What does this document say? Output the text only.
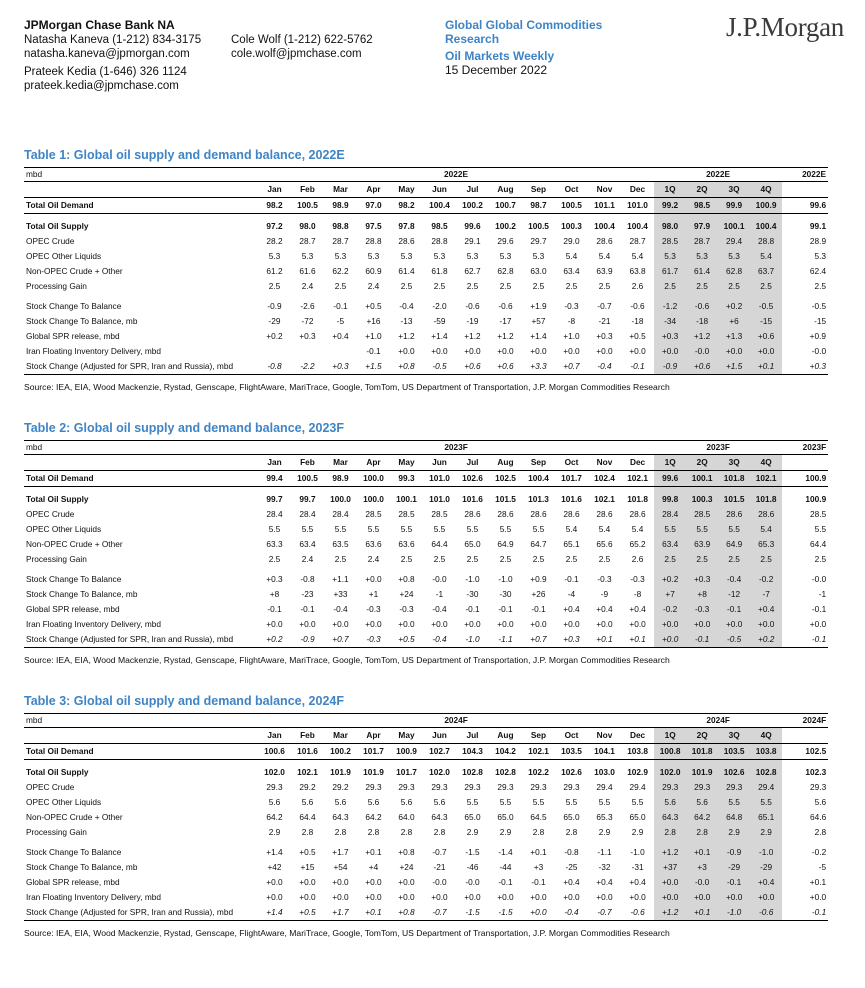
JPMorgan Chase Bank NA
Natasha Kaneva (1-212) 834-3175
natasha.kaneva@jpmorgan.com
Prateek Kedia (1-646) 326 1124
prateek.kedia@jpmchase.com
Cole Wolf (1-212) 622-5762
cole.wolf@jpmchase.com
Global Global Commodities
Research
Oil Markets Weekly
15 December 2022
J.P.Morgan
Table 1: Global oil supply and demand balance, 2022E
mbd	2022E												2022E				2022E
	Jan	Feb	Mar	Apr	May	Jun	Jul	Aug	Sep	Oct	Nov	Dec	1Q	2Q	3Q	4Q	
Total Oil Demand	98.2	100.5	98.9	97.0	98.2	100.4	100.2	100.7	98.7	100.5	101.1	101.0	99.2	98.5	99.9	100.9	99.6

Total Oil Supply	97.2	98.0	98.8	97.5	97.8	98.5	99.6	100.2	100.5	100.3	100.4	100.4	98.0	97.9	100.1	100.4	99.1
OPEC Crude	28.2	28.7	28.7	28.8	28.6	28.8	29.1	29.6	29.7	29.0	28.6	28.7	28.5	28.7	29.4	28.8	28.9
OPEC Other Liquids	5.3	5.3	5.3	5.3	5.3	5.3	5.3	5.3	5.3	5.4	5.4	5.4	5.3	5.3	5.3	5.4	5.3
Non-OPEC Crude + Other	61.2	61.6	62.2	60.9	61.4	61.8	62.7	62.8	63.0	63.4	63.9	63.8	61.7	61.4	62.8	63.7	62.4
Processing Gain	2.5	2.4	2.5	2.4	2.5	2.5	2.5	2.5	2.5	2.5	2.5	2.6	2.5	2.5	2.5	2.5	2.5

Stock Change To Balance	-0.9	-2.6	-0.1	+0.5	-0.4	-2.0	-0.6	-0.6	+1.9	-0.3	-0.7	-0.6	-1.2	-0.6	+0.2	-0.5	-0.5
Stock Change To Balance, mb	-29	-72	-5	+16	-13	-59	-19	-17	+57	-8	-21	-18	-34	-18	+6	-15	-15
Global SPR release, mbd	+0.2	+0.3	+0.4	+1.0	+1.2	+1.4	+1.2	+1.2	+1.4	+1.0	+0.3	+0.5	+0.3	+1.2	+1.3	+0.6	+0.9
Iran Floating Inventory Delivery, mbd				-0.1	+0.0	+0.0	+0.0	+0.0	+0.0	+0.0	+0.0	+0.0	+0.0	-0.0	+0.0	+0.0	-0.0
Stock Change (Adjusted for SPR, Iran and Russia), mbd	-0.8	-2.2	+0.3	+1.5	+0.8	-0.5	+0.6	+0.6	+3.3	+0.7	-0.4	-0.1	-0.9	+0.6	+1.5	+0.1	+0.3
Source: IEA, EIA, Wood Mackenzie, Rystad, Genscape, FlightAware, MariTrace, Google, TomTom, US Department of Transportation, J.P. Morgan Commodities Research
Table 2: Global oil supply and demand balance, 2023F
mbd	2023F												2023F				2023F
	Jan	Feb	Mar	Apr	May	Jun	Jul	Aug	Sep	Oct	Nov	Dec	1Q	2Q	3Q	4Q	
Total Oil Demand	99.4	100.5	98.9	100.0	99.3	101.0	102.6	102.5	100.4	101.7	102.4	102.1	99.6	100.1	101.8	102.1	100.9

Total Oil Supply	99.7	99.7	100.0	100.0	100.1	101.0	101.6	101.5	101.3	101.6	102.1	101.8	99.8	100.3	101.5	101.8	100.9
OPEC Crude	28.4	28.4	28.4	28.5	28.5	28.5	28.6	28.6	28.6	28.6	28.6	28.6	28.4	28.5	28.6	28.6	28.5
OPEC Other Liquids	5.5	5.5	5.5	5.5	5.5	5.5	5.5	5.5	5.5	5.4	5.4	5.4	5.5	5.5	5.5	5.4	5.5
Non-OPEC Crude + Other	63.3	63.4	63.5	63.6	63.6	64.4	65.0	64.9	64.7	65.1	65.6	65.2	63.4	63.9	64.9	65.3	64.4
Processing Gain	2.5	2.4	2.5	2.4	2.5	2.5	2.5	2.5	2.5	2.5	2.5	2.6	2.5	2.5	2.5	2.5	2.5

Stock Change To Balance	+0.3	-0.8	+1.1	+0.0	+0.8	-0.0	-1.0	-1.0	+0.9	-0.1	-0.3	-0.3	+0.2	+0.3	-0.4	-0.2	-0.0
Stock Change To Balance, mb	+8	-23	+33	+1	+24	-1	-30	-30	+26	-4	-9	-8	+7	+8	-12	-7	-1
Global SPR release, mbd	-0.1	-0.1	-0.4	-0.3	-0.3	-0.4	-0.1	-0.1	-0.1	+0.4	+0.4	+0.4	-0.2	-0.3	-0.1	+0.4	-0.1
Iran Floating Inventory Delivery, mbd	+0.0	+0.0	+0.0	+0.0	+0.0	+0.0	+0.0	+0.0	+0.0	+0.0	+0.0	+0.0	+0.0	+0.0	+0.0	+0.0	+0.0
Stock Change (Adjusted for SPR, Iran and Russia), mbd	+0.2	-0.9	+0.7	-0.3	+0.5	-0.4	-1.0	-1.1	+0.7	+0.3	+0.1	+0.1	+0.0	-0.1	-0.5	+0.2	-0.1
Source: IEA, EIA, Wood Mackenzie, Rystad, Genscape, FlightAware, MariTrace, Google, TomTom, US Department of Transportation, J.P. Morgan Commodities Research
Table 3: Global oil supply and demand balance, 2024F
mbd	2024F												2024F				2024F
	Jan	Feb	Mar	Apr	May	Jun	Jul	Aug	Sep	Oct	Nov	Dec	1Q	2Q	3Q	4Q	
Total Oil Demand	100.6	101.6	100.2	101.7	100.9	102.7	104.3	104.2	102.1	103.5	104.1	103.8	100.8	101.8	103.5	103.8	102.5

Total Oil Supply	102.0	102.1	101.9	101.9	101.7	102.0	102.8	102.8	102.2	102.6	103.0	102.9	102.0	101.9	102.6	102.8	102.3
OPEC Crude	29.3	29.2	29.2	29.3	29.3	29.3	29.3	29.3	29.3	29.3	29.4	29.4	29.3	29.3	29.3	29.4	29.3
OPEC Other Liquids	5.6	5.6	5.6	5.6	5.6	5.6	5.5	5.5	5.5	5.5	5.5	5.5	5.6	5.6	5.5	5.5	5.6
Non-OPEC Crude + Other	64.2	64.4	64.3	64.2	64.0	64.3	65.0	65.0	64.5	65.0	65.3	65.0	64.3	64.2	64.8	65.1	64.6
Processing Gain	2.9	2.8	2.8	2.8	2.8	2.8	2.9	2.9	2.8	2.8	2.9	2.9	2.8	2.8	2.9	2.9	2.8

Stock Change To Balance	+1.4	+0.5	+1.7	+0.1	+0.8	-0.7	-1.5	-1.4	+0.1	-0.8	-1.1	-1.0	+1.2	+0.1	-0.9	-1.0	-0.2
Stock Change To Balance, mb	+42	+15	+54	+4	+24	-21	-46	-44	+3	-25	-32	-31	+37	+3	-29	-29	-5
Global SPR release, mbd	+0.0	+0.0	+0.0	+0.0	+0.0	-0.0	-0.0	-0.1	-0.1	+0.4	+0.4	+0.4	+0.0	-0.0	-0.1	+0.4	+0.1
Iran Floating Inventory Delivery, mbd	+0.0	+0.0	+0.0	+0.0	+0.0	+0.0	+0.0	+0.0	+0.0	+0.0	+0.0	+0.0	+0.0	+0.0	+0.0	+0.0	+0.0
Stock Change (Adjusted for SPR, Iran and Russia), mbd	+1.4	+0.5	+1.7	+0.1	+0.8	-0.7	-1.5	-1.5	+0.0	-0.4	-0.7	-0.6	+1.2	+0.1	-1.0	-0.6	-0.1
Source: IEA, EIA, Wood Mackenzie, Rystad, Genscape, FlightAware, MariTrace, Google, TomTom, US Department of Transportation, J.P. Morgan Commodities Research
